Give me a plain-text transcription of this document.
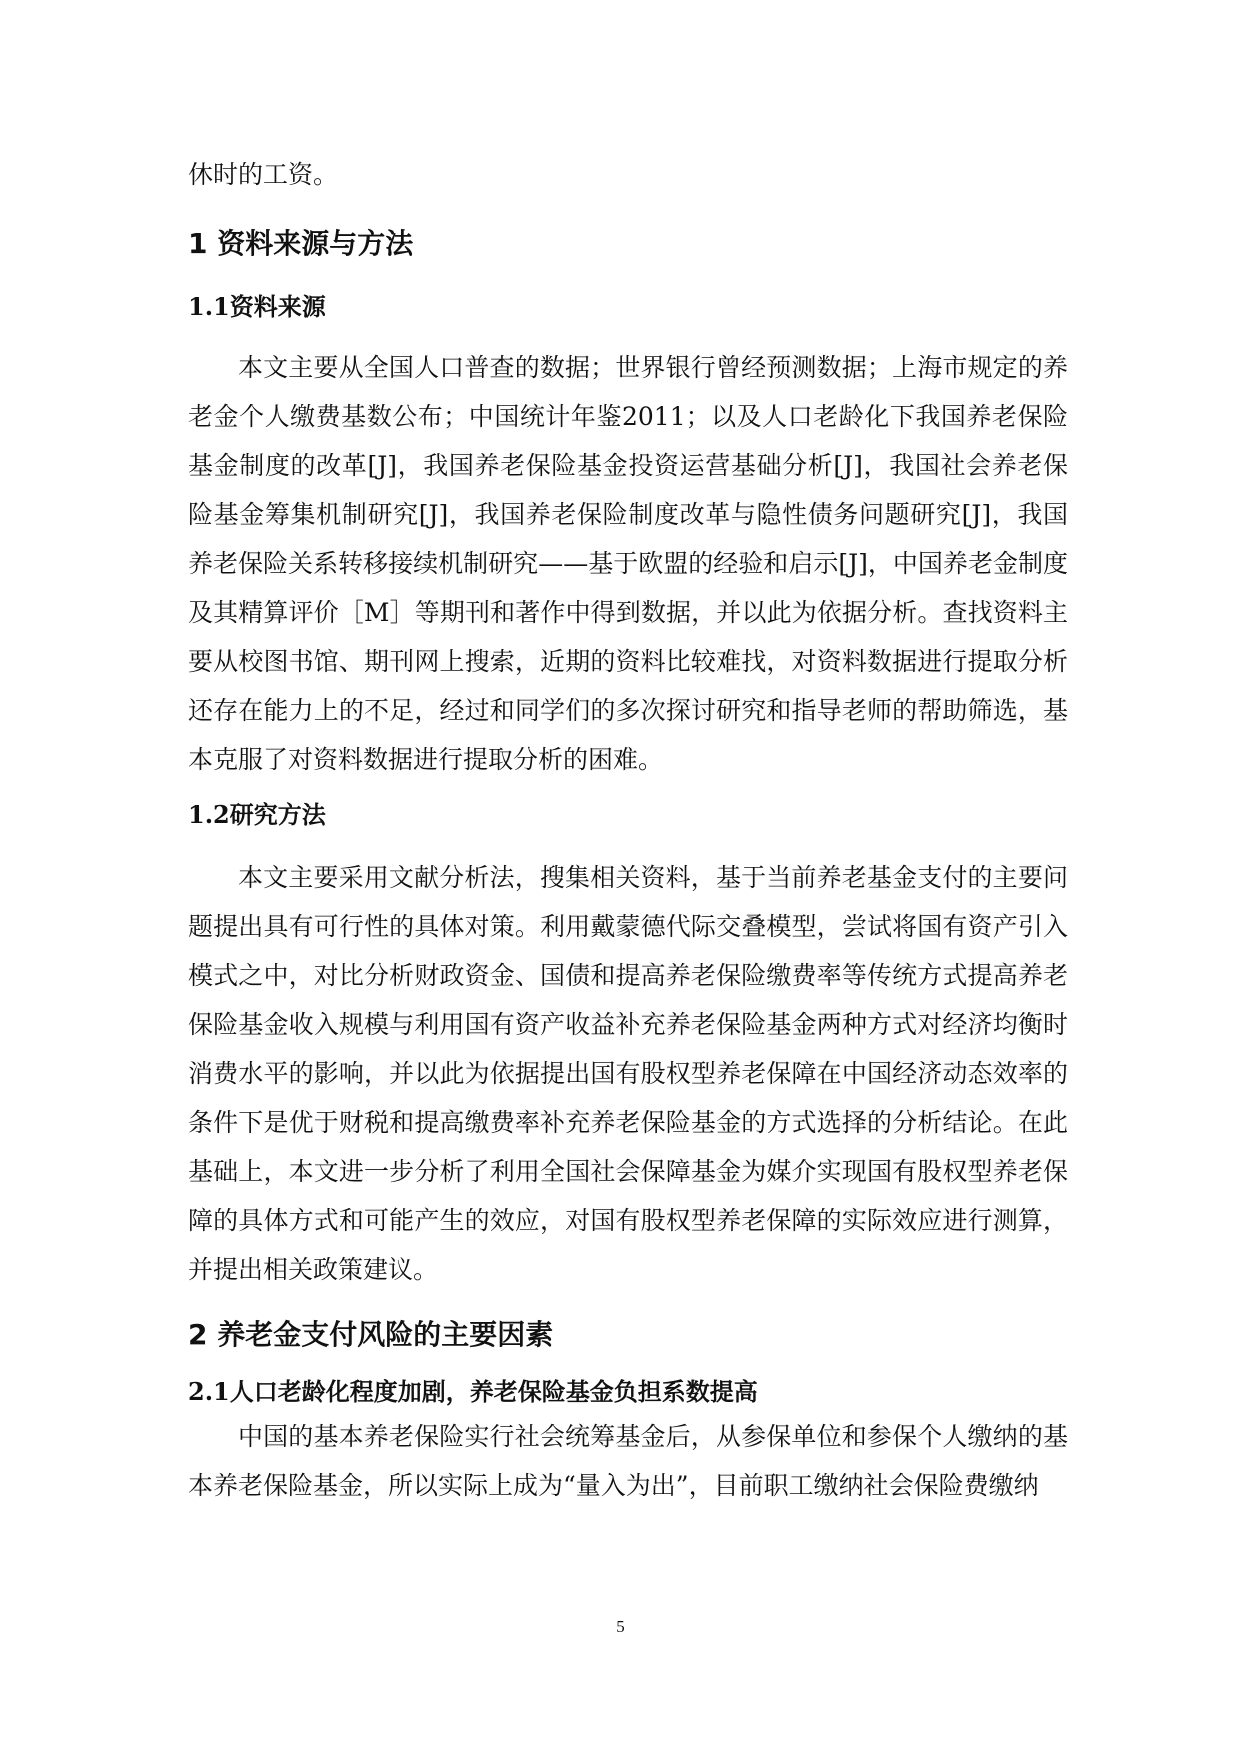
休时的工资。

1 资料来源与方法
1.1资料来源

本文主要从全国人口普查的数据；世界银行曾经预测数据；上海市规定的养老金个人缴费基数公布；中国统计年鉴2011；以及人口老龄化下我国养老保险基金制度的改革[J]，我国养老保险基金投资运营基础分析[J]，我国社会养老保险基金筹集机制研究[J]，我国养老保险制度改革与隐性债务问题研究[J]，我国养老保险关系转移接续机制研究——基于欧盟的经验和启示[J]，中国养老金制度及其精算评价［M］等期刊和著作中得到数据，并以此为依据分析。查找资料主要从校图书馆、期刊网上搜索，近期的资料比较难找，对资料数据进行提取分析还存在能力上的不足，经过和同学们的多次探讨研究和指导老师的帮助筛选，基本克服了对资料数据进行提取分析的困难。

1.2研究方法

本文主要采用文献分析法，搜集相关资料，基于当前养老基金支付的主要问题提出具有可行性的具体对策。利用戴蒙德代际交叠模型，尝试将国有资产引入模式之中，对比分析财政资金、国债和提高养老保险缴费率等传统方式提高养老保险基金收入规模与利用国有资产收益补充养老保险基金两种方式对经济均衡时消费水平的影响，并以此为依据提出国有股权型养老保障在中国经济动态效率的条件下是优于财税和提高缴费率补充养老保险基金的方式选择的分析结论。在此基础上，本文进一步分析了利用全国社会保障基金为媒介实现国有股权型养老保障的具体方式和可能产生的效应，对国有股权型养老保障的实际效应进行测算，并提出相关政策建议。

2 养老金支付风险的主要因素
2.1人口老龄化程度加剧，养老保险基金负担系数提高

中国的基本养老保险实行社会统筹基金后，从参保单位和参保个人缴纳的基本养老保险基金，所以实际上成为“量入为出”，目前职工缴纳社会保险费缴纳

5
